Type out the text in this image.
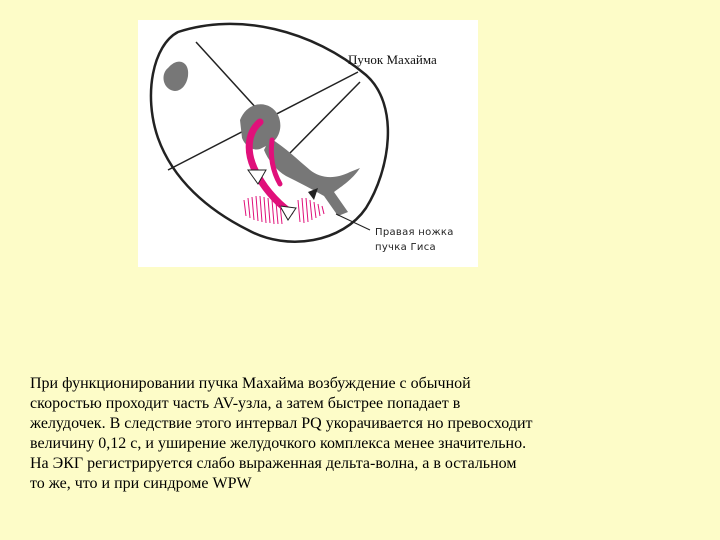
Пучок Махайма
Правая ножка
пучка Гиса
При функционировании пучка Махайма возбуждение с обычной
скоростью проходит часть AV-узла, а затем быстрее попадает в
желудочек. В следствие этого интервал PQ укорачивается но превосходит
величину 0,12 с, и уширение желудочкого комплекса менее значительно.
На ЭКГ регистрируется слабо выраженная дельта-волна, а в остальном
то же, что и при синдроме WPW
